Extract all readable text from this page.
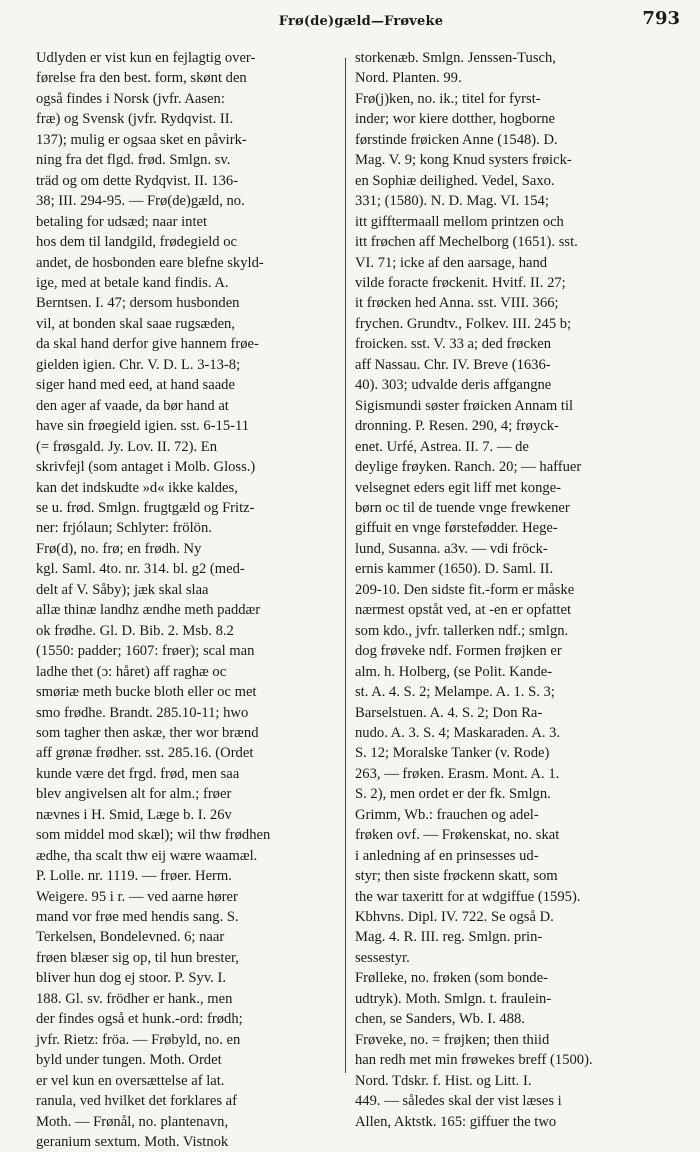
Frø(de)gæld—Frøveke	793
Udlyden er vist kun en fejlagtig over-
førelse fra den best. form, skønt den
også findes i Norsk (jvfr. Aasen:
fræ) og Svensk (jvfr. Rydqvist. II.
137); mulig er ogsaa sket en påvirk-
ning fra det flgd. frød. Smlgn. sv.
träd og om dette Rydqvist. II. 136-
38; III. 294-95. — Frø(de)gæld, no.
betaling for udsæd; naar intet
hos dem til landgild, frødegield oc
andet, de hosbonden eare blefne skyld-
ige, med at betale kand findis. A.
Berntsen. I. 47; dersom husbonden
vil, at bonden skal saae rugsæden,
da skal hand derfor give hannem frøe-
gielden igien. Chr. V. D. L. 3-13-8;
siger hand med eed, at hand saade
den ager af vaade, da bør hand at
have sin frøegield igien. sst. 6-15-11
(= frøsgald. Jy. Lov. II. 72). En
skrivfejl (som antaget i Molb. Gloss.)
kan det indskudte »d« ikke kaldes,
se u. frød. Smlgn. frugtgæld og Fritz-
ner: frjólaun; Schlyter: frölön.
Frø(d), no. frø; en frødh. Ny
kgl. Saml. 4to. nr. 314. bl. g2 (med-
delt af V. Såby); jæk skal slaa
allæ thinæ landhz ændhe meth paddær
ok frødhe. Gl. D. Bib. 2. Msb. 8.2
(1550: padder; 1607: frøer); scal man
ladhe thet (ɔ: håret) aff raghæ oc
smøriæ meth bucke bloth eller oc met
smo frødhe. Brandt. 285.10-11; hwo
som tagher then askæ, ther wor brænd
aff grønæ frødher. sst. 285.16. (Ordet
kunde være det frgd. frød, men saa
blev angivelsen alt for alm.; frøer
nævnes i H. Smid, Læge b. I. 26v
som middel mod skæl); wil thw frødhen
ædhe, tha scalt thw eij wære waamæl.
P. Lolle. nr. 1119. — frøer. Herm.
Weigere. 95 i r. — ved aarne hører
mand vor frøe med hendis sang. S.
Terkelsen, Bondelevned. 6; naar
frøen blæser sig op, til hun brester,
bliver hun dog ej stoor. P. Syv. I.
188. Gl. sv. frödher er hank., men
der findes også et hunk.-ord: frødh;
jvfr. Rietz: fröa. — Frøbyld, no. en
byld under tungen. Moth. Ordet
er vel kun en oversættelse af lat.
ranula, ved hvilket det forklares af
Moth. — Frønål, no. plantenavn,
geranium sextum. Moth. Vistnok
storkenæb. Smlgn. Jenssen-Tusch,
Nord. Planten. 99.
Frø(j)ken, no. ik.; titel for fyrst-
inder; wor kiere dotther, hogborne
førstinde frøicken Anne (1548). D.
Mag. V. 9; kong Knud systers frøick-
en Sophiæ deilighed. Vedel, Saxo.
331; (1580). N. D. Mag. VI. 154;
itt gifftermaall mellom printzen och
itt frøchen aff Mechelborg (1651). sst.
VI. 71; icke af den aarsage, hand
vilde foracte frøckenit. Hvitf. II. 27;
it frøcken hed Anna. sst. VIII. 366;
frychen. Grundtv., Folkev. III. 245 b;
froicken. sst. V. 33 a; ded frøcken
aff Nassau. Chr. IV. Breve (1636-
40). 303; udvalde deris affgangne
Sigismundi søster frøicken Annam til
dronning. P. Resen. 290, 4; frøyck-
enet. Urfé, Astrea. II. 7. — de
deylige frøyken. Ranch. 20; — haffuer
velsegnet eders egit liff met konge-
børn oc til de tuende vnge frewkener
giffuit en vnge førstefødder. Hege-
lund, Susanna. a3v. — vdi fröck-
ernis kammer (1650). D. Saml. II.
209-10. Den sidste fit.-form er måske
nærmest opståt ved, at -en er opfattet
som kdo., jvfr. tallerken ndf.; smlgn.
dog frøveke ndf. Formen frøjken er
alm. h. Holberg, (se Polit. Kande-
st. A. 4. S. 2; Melampe. A. 1. S. 3;
Barselstuen. A. 4. S. 2; Don Ra-
nudo. A. 3. S. 4; Maskaraden. A. 3.
S. 12; Moralske Tanker (v. Rode)
263, — frøken. Erasm. Mont. A. 1.
S. 2), men ordet er der fk. Smlgn.
Grimm, Wb.: frauchen og adel-
frøken ovf. — Frøkenskat, no. skat
i anledning af en prinsesses ud-
styr; then siste frøckenn skatt, som
the war taxeritt for at wdgiffue (1595).
Kbhvns. Dipl. IV. 722. Se også D.
Mag. 4. R. III. reg. Smlgn. prin-
sessestyr.
Frølleke, no. frøken (som bonde-
udtryk). Moth. Smlgn. t. fraulein-
chen, se Sanders, Wb. I. 488.
Frøveke, no. = frøjken; then thiid
han redh met min frøwekes breff (1500).
Nord. Tdskr. f. Hist. og Litt. I.
449. — således skal der vist læses i
Allen, Aktstk. 165: giffuer the two
